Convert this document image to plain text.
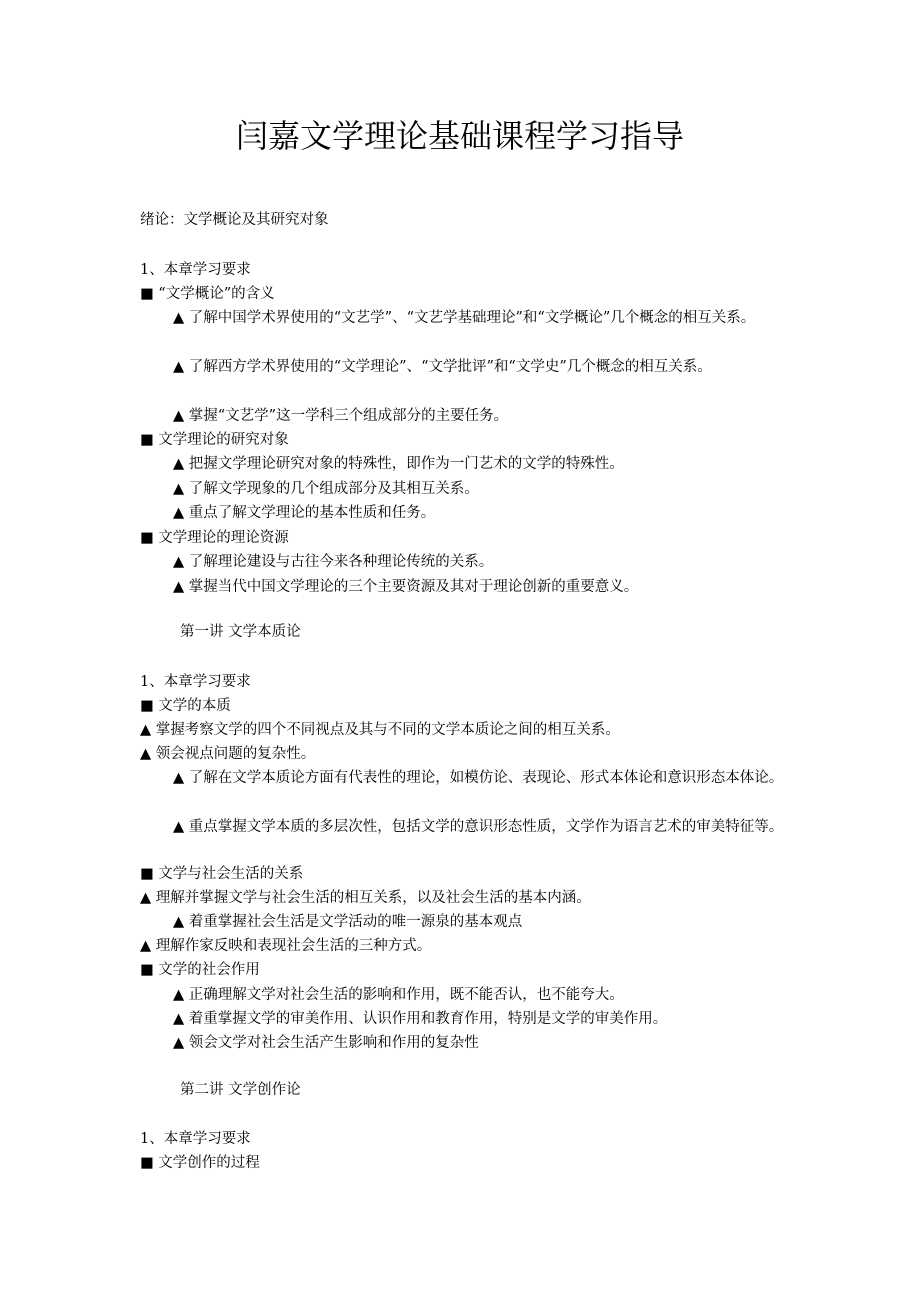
闫嘉文学理论基础课程学习指导
绪论：文学概论及其研究对象
1、本章学习要求
■ “文学概论”的含义
▲ 了解中国学术界使用的“文艺学”、“文艺学基础理论”和“文学概论”几个概念的相互关系。
▲ 了解西方学术界使用的“文学理论”、“文学批评”和“文学史”几个概念的相互关系。
▲ 掌握“文艺学”这一学科三个组成部分的主要任务。
■ 文学理论的研究对象
▲ 把握文学理论研究对象的特殊性，即作为一门艺术的文学的特殊性。
▲ 了解文学现象的几个组成部分及其相互关系。
▲ 重点了解文学理论的基本性质和任务。
■ 文学理论的理论资源
▲ 了解理论建设与古往今来各种理论传统的关系。
▲ 掌握当代中国文学理论的三个主要资源及其对于理论创新的重要意义。
第一讲 文学本质论
1、本章学习要求
■ 文学的本质
▲ 掌握考察文学的四个不同视点及其与不同的文学本质论之间的相互关系。
▲ 领会视点问题的复杂性。
▲ 了解在文学本质论方面有代表性的理论，如模仿论、表现论、形式本体论和意识形态本体论。
▲ 重点掌握文学本质的多层次性，包括文学的意识形态性质，文学作为语言艺术的审美特征等。
■ 文学与社会生活的关系
▲ 理解并掌握文学与社会生活的相互关系，以及社会生活的基本内涵。
▲ 着重掌握社会生活是文学活动的唯一源泉的基本观点
▲ 理解作家反映和表现社会生活的三种方式。
■ 文学的社会作用
▲ 正确理解文学对社会生活的影响和作用，既不能否认，也不能夸大。
▲ 着重掌握文学的审美作用、认识作用和教育作用，特别是文学的审美作用。
▲ 领会文学对社会生活产生影响和作用的复杂性
第二讲 文学创作论
1、本章学习要求
■ 文学创作的过程
